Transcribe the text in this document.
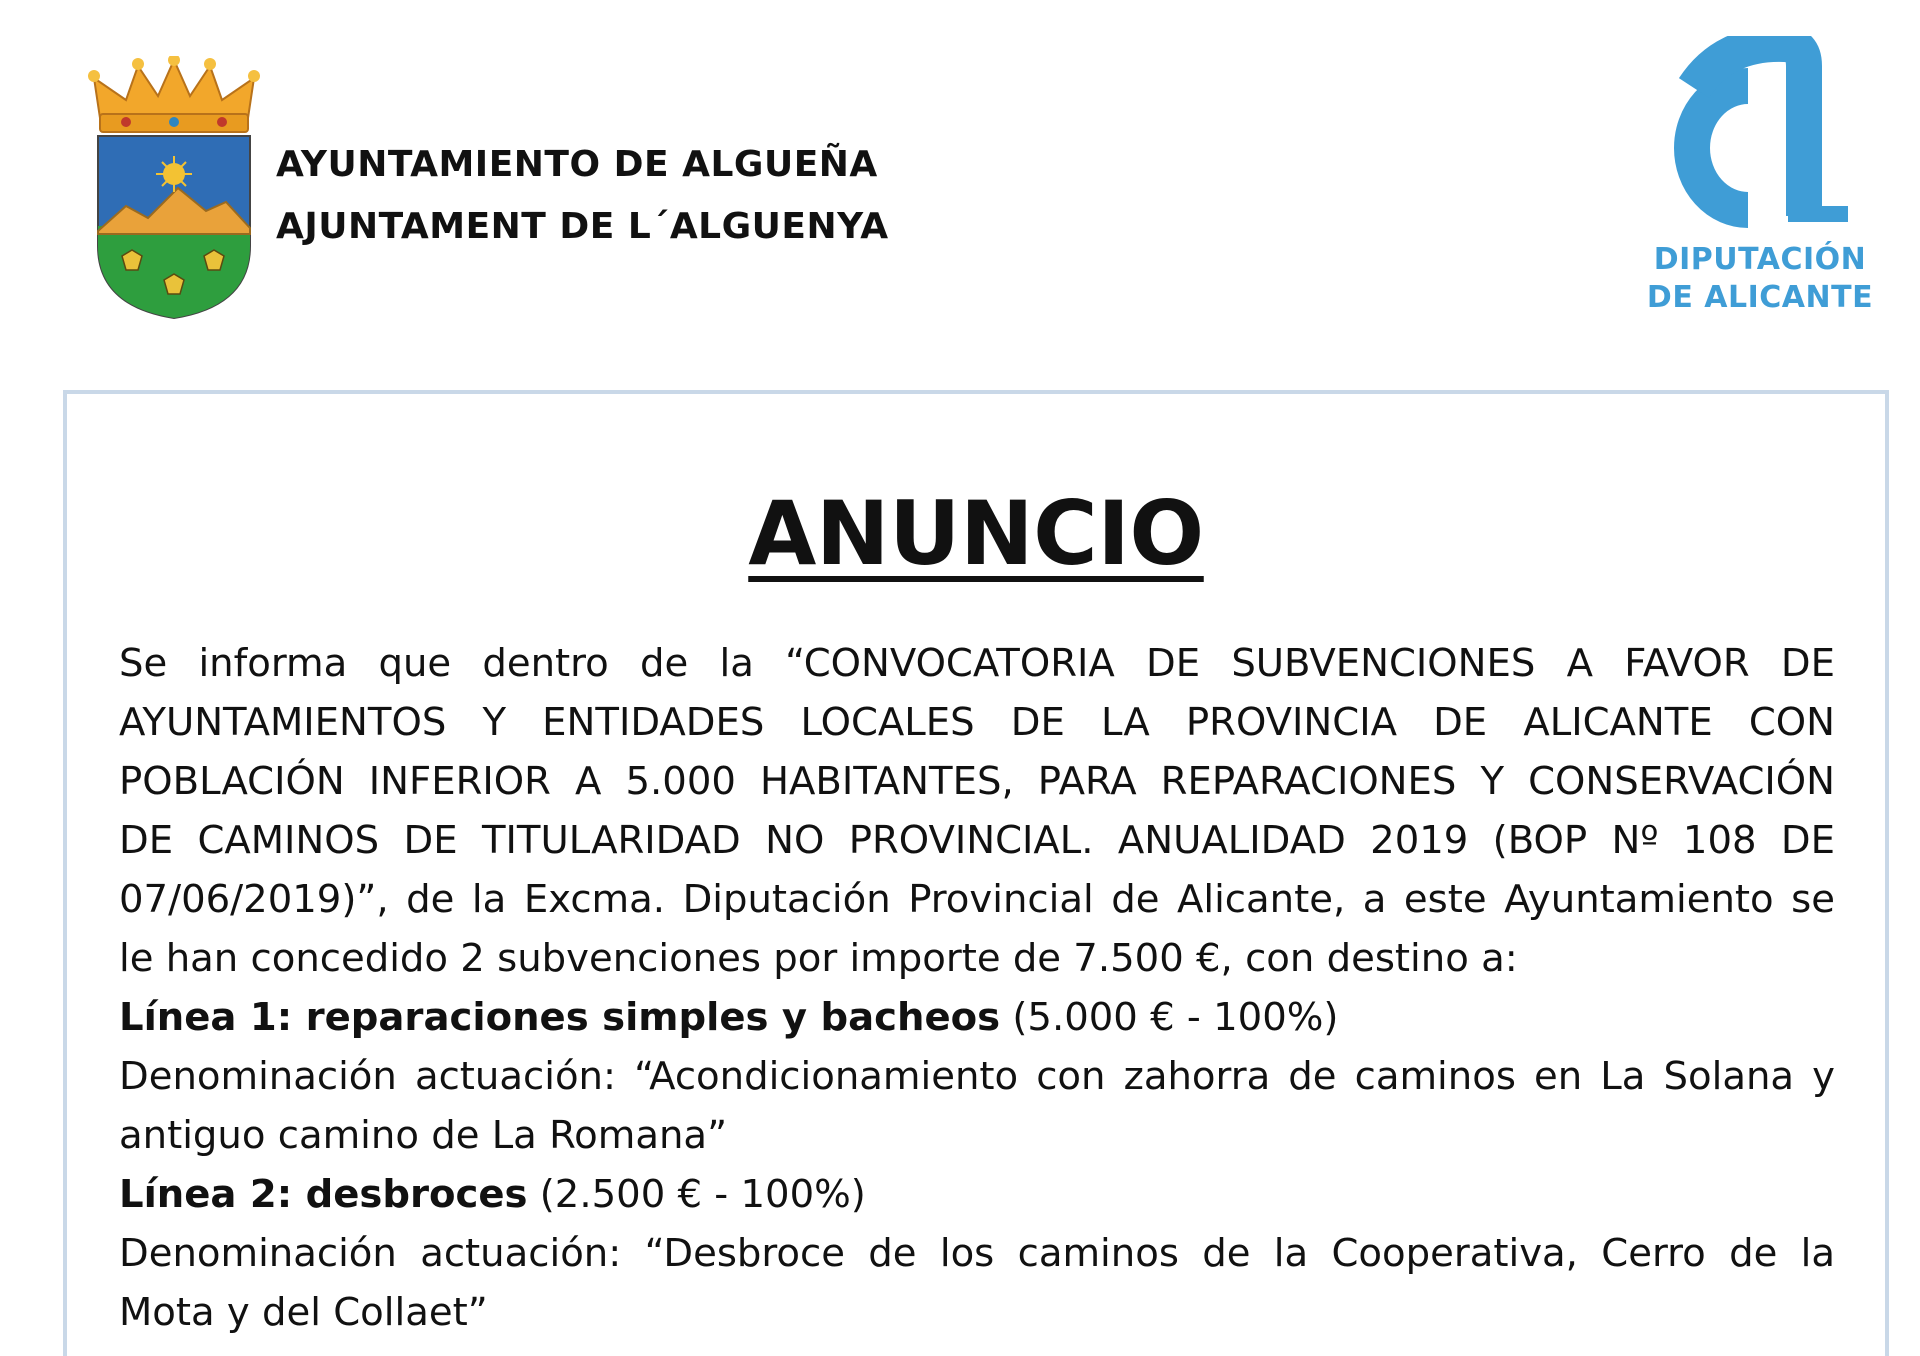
AYUNTAMIENTO DE ALGUEÑA
AJUNTAMENT DE L´ALGUENYA
DIPUTACIÓN
DE ALICANTE
ANUNCIO

Se informa que dentro de la “CONVOCATORIA DE SUBVENCIONES A FAVOR DE
AYUNTAMIENTOS Y ENTIDADES LOCALES DE LA PROVINCIA DE ALICANTE CON
POBLACIÓN INFERIOR A 5.000 HABITANTES, PARA REPARACIONES Y CONSERVACIÓN
DE CAMINOS DE TITULARIDAD NO PROVINCIAL. ANUALIDAD 2019 (BOP Nº 108 DE
07/06/2019)”, de la Excma. Diputación Provincial de Alicante, a este Ayuntamiento se
le han concedido 2 subvenciones por importe de 7.500 €, con destino a:

Línea 1: reparaciones simples y bacheos (5.000 € - 100%)

Denominación actuación: “Acondicionamiento con zahorra de caminos en La Solana y
antiguo camino de La Romana”

Línea 2: desbroces (2.500 € - 100%)

Denominación actuación: “Desbroce de los caminos de la Cooperativa, Cerro de la
Mota y del Collaet”
